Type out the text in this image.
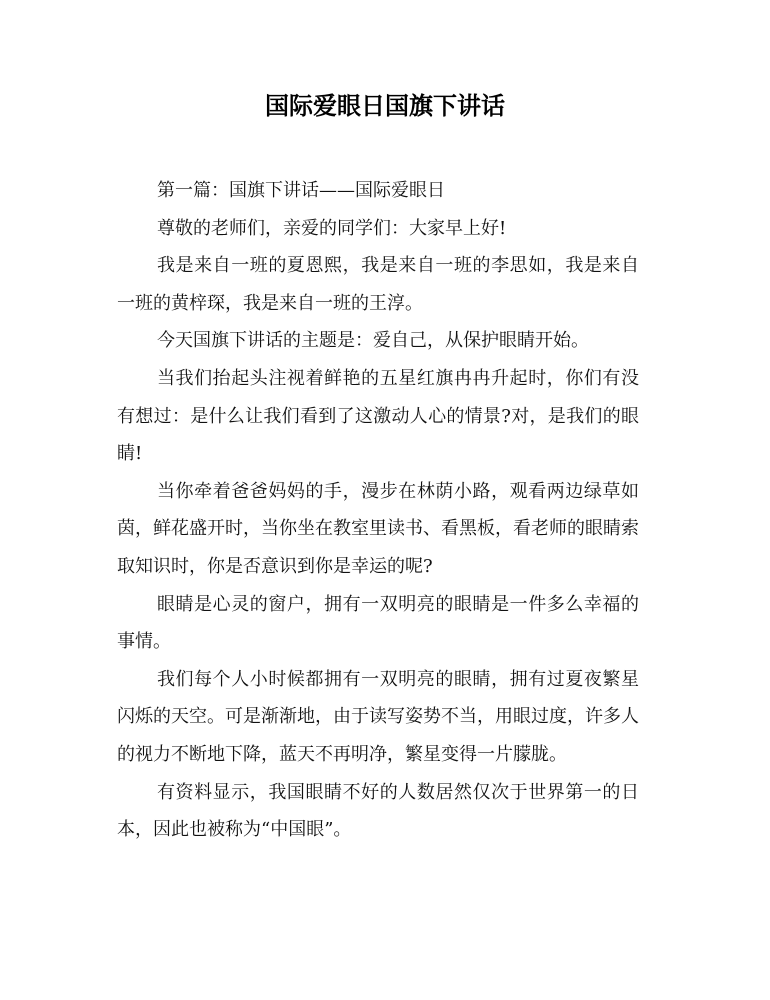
国际爱眼日国旗下讲话

第一篇：国旗下讲话——国际爱眼日

尊敬的老师们，亲爱的同学们：大家早上好!

我是来自一班的夏恩熙，我是来自一班的李思如，我是来自一班的黄梓琛，我是来自一班的王淳。

今天国旗下讲话的主题是：爱自己，从保护眼睛开始。

当我们抬起头注视着鲜艳的五星红旗冉冉升起时，你们有没有想过：是什么让我们看到了这激动人心的情景?对，是我们的眼睛!

当你牵着爸爸妈妈的手，漫步在林荫小路，观看两边绿草如茵，鲜花盛开时，当你坐在教室里读书、看黑板，看老师的眼睛索取知识时，你是否意识到你是幸运的呢?

眼睛是心灵的窗户，拥有一双明亮的眼睛是一件多么幸福的事情。

我们每个人小时候都拥有一双明亮的眼睛，拥有过夏夜繁星闪烁的天空。可是渐渐地，由于读写姿势不当，用眼过度，许多人的视力不断地下降，蓝天不再明净，繁星变得一片朦胧。

有资料显示，我国眼睛不好的人数居然仅次于世界第一的日本，因此也被称为“中国眼”。
